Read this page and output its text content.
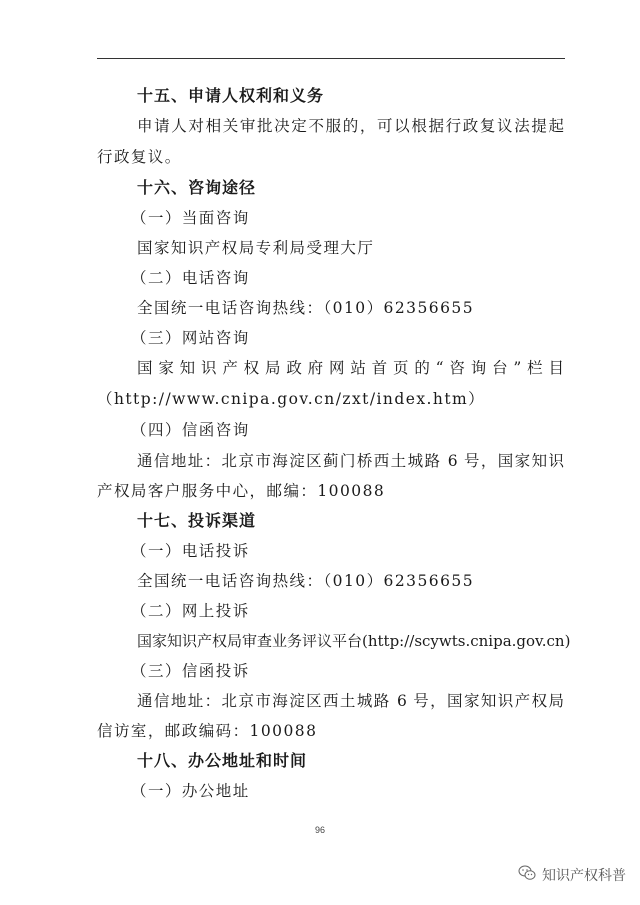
十五、申请人权利和义务
申请人对相关审批决定不服的，可以根据行政复议法提起
行政复议。
十六、咨询途径
（一）当面咨询
国家知识产权局专利局受理大厅
（二）电话咨询
全国统一电话咨询热线：（010）62356655
（三）网站咨询
国家知识产权局政府网站首页的“咨询台”栏目
（http://www.cnipa.gov.cn/zxt/index.htm）
（四）信函咨询
通信地址：北京市海淀区蓟门桥西土城路 6 号，国家知识
产权局客户服务中心，邮编：100088
十七、投诉渠道
（一）电话投诉
全国统一电话咨询热线：（010）62356655
（二）网上投诉
国家知识产权局审查业务评议平台(http://scywts.cnipa.gov.cn)
（三）信函投诉
通信地址：北京市海淀区西土城路 6 号，国家知识产权局
信访室，邮政编码：100088
十八、办公地址和时间
（一）办公地址
96
知识产权科普
